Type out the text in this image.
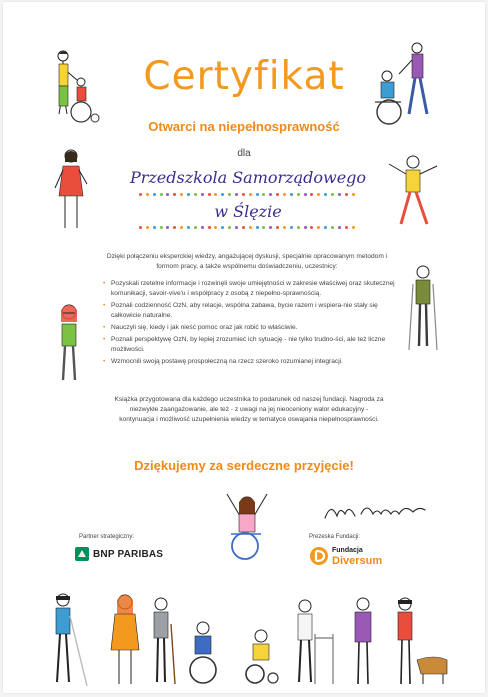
Certyfikat
Otwarci na niepełnosprawność
dla
Przedszkola Samorządowego
w Ślęzie
Dzięki połączeniu eksperckiej wiedzy, angażującej dyskusji, specjalnie opracowanym metodom i formom pracy, a także wspólnemu doświadczeniu, uczestnicy:
• Pozyskali rzetelne informacje i rozwinęli swoje umiejętności w zakresie właściwej oraz skutecznej komunikacji, savoir-vive'u i współpracy z osobą z niepełno-sprawnością.
• Poznali codzienność OzN, aby relacje, wspólna zabawa, bycie razem i wspiera-nie stały się całkowicie naturalne.
• Nauczyli się, kiedy i jak nieść pomoc oraz jak robić to właściwie.
• Poznali perspektywę OzN, by lepiej zrozumieć ich sytuację - nie tylko trudno-ści, ale też liczne możliwości.
• Wzmocnili swoją postawę prospołeczną na rzecz szeroko rozumianej integracji.
Książka przygotowana dla każdego uczestnika to podarunek od naszej fundacji. Nagroda za niezwykłe zaangażowanie, ale też - z uwagi na jej nieoceniony walor edukacyjny - kontynuacja i możliwość uzupełnienia wiedzy w tematyce oswajania niepełnosprawności.
Dziękujemy za serdeczne przyjęcie!
Partner strategiczny:
BNP PARIBAS
Prezeska Fundacji:
Fundacja
Diversum
